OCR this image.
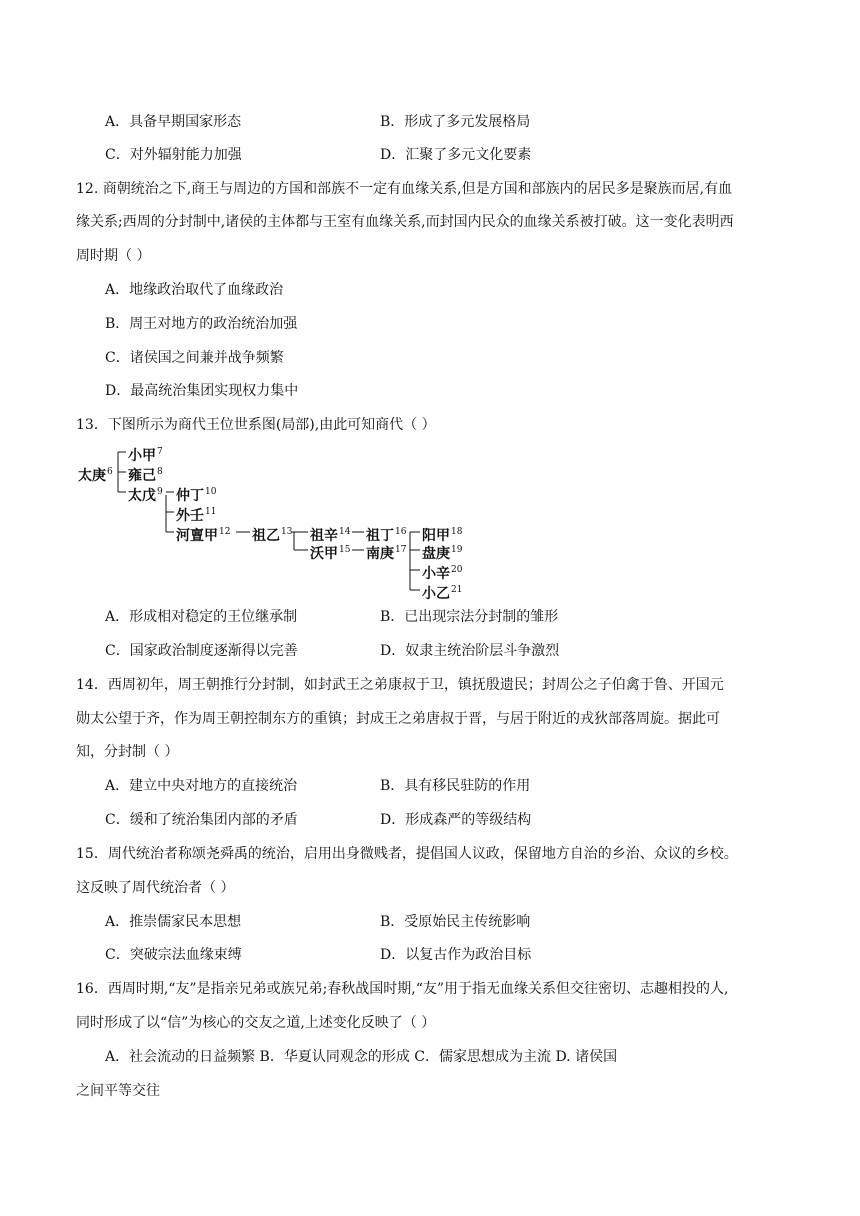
A．具备早期国家形态	B．形成了多元发展格局
C．对外辐射能力加强	D．汇聚了多元文化要素
12. 商朝统治之下,商王与周边的方国和部族不一定有血缘关系,但是方国和部族内的居民多是聚族而居,有血
缘关系;西周的分封制中,诸侯的主体都与王室有血缘关系,而封国内民众的血缘关系被打破。这一变化表明西
周时期（ ）
A．地缘政治取代了血缘政治
B．周王对地方的政治统治加强
C．诸侯国之间兼并战争频繁
D．最高统治集团实现权力集中
13．下图所示为商代王位世系图(局部),由此可知商代（ ）
太庚$^6$
小甲$^7$
雍己$^8$
太戊$^9$ 仲丁$^{10}$
外壬$^{11}$
河亶甲$^{12}$ 祖乙$^{13}$ 祖辛$^{14}$
沃甲$^{15}$
祖丁$^{16}$
南庚$^{17}$
阳甲$^{18}$
盘庚$^{19}$
小辛$^{20}$
小乙$^{21}$
A．形成相对稳定的王位继承制	B．已出现宗法分封制的雏形
C．国家政治制度逐渐得以完善	D．奴隶主统治阶层斗争激烈
14．西周初年，周王朝推行分封制，如封武王之弟康叔于卫，镇抚殷遗民；封周公之子伯禽于鲁、开国元
勋太公望于齐，作为周王朝控制东方的重镇；封成王之弟唐叔于晋，与居于附近的戎狄部落周旋。据此可
知，分封制（ ）
A．建立中央对地方的直接统治	B．具有移民驻防的作用
C．缓和了统治集团内部的矛盾	D．形成森严的等级结构
15．周代统治者称颂尧舜禹的统治，启用出身微贱者，提倡国人议政，保留地方自治的乡治、众议的乡校。
这反映了周代统治者（ ）
A．推崇儒家民本思想	B．受原始民主传统影响
C．突破宗法血缘束缚	D．以复古作为政治目标
16．西周时期,“友”是指亲兄弟或族兄弟;春秋战国时期,“友”用于指无血缘关系但交往密切、志趣相投的人,
同时形成了以“信”为核心的交友之道,上述变化反映了（ ）
A．社会流动的日益频繁 B．华夏认同观念的形成 C．儒家思想成为主流 D. 诸侯国
之间平等交往
